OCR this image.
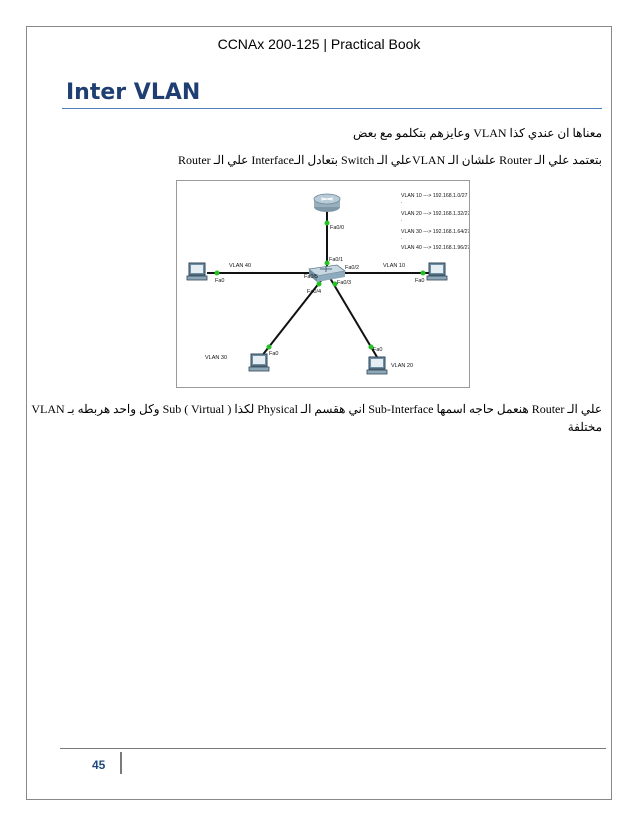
CCNAx 200-125 | Practical Book
Inter VLAN
معناها ان عندي كذا VLAN وعايزهم بتكلمو مع بعض
بتعتمد علي الـ Router علشان الـ VLANعلي الـ Switch بتعادل الـInterface علي الـ Router
Fa0/0
Fa0/1
Fa0/2
Fa0/3
Fa0/4
Fa0/5
Fa0	Fa0
Fa0
Fa0
VLAN 40	VLAN 10
VLAN 30
VLAN 20
VLAN 10 ---> 192.168.1.0/27
.
VLAN 20 ---> 192.168.1.32/27
.
VLAN 30 ---> 192.168.1.64/27
.
VLAN 40 ---> 192.168.1.96/27
علي الـ Router هنعمل حاجه اسمها Sub-Interface اني هقسم الـ Physical لكذا Sub ( Virtual ) وكل واحد هربطه بـ VLAN
مختلفة
45
